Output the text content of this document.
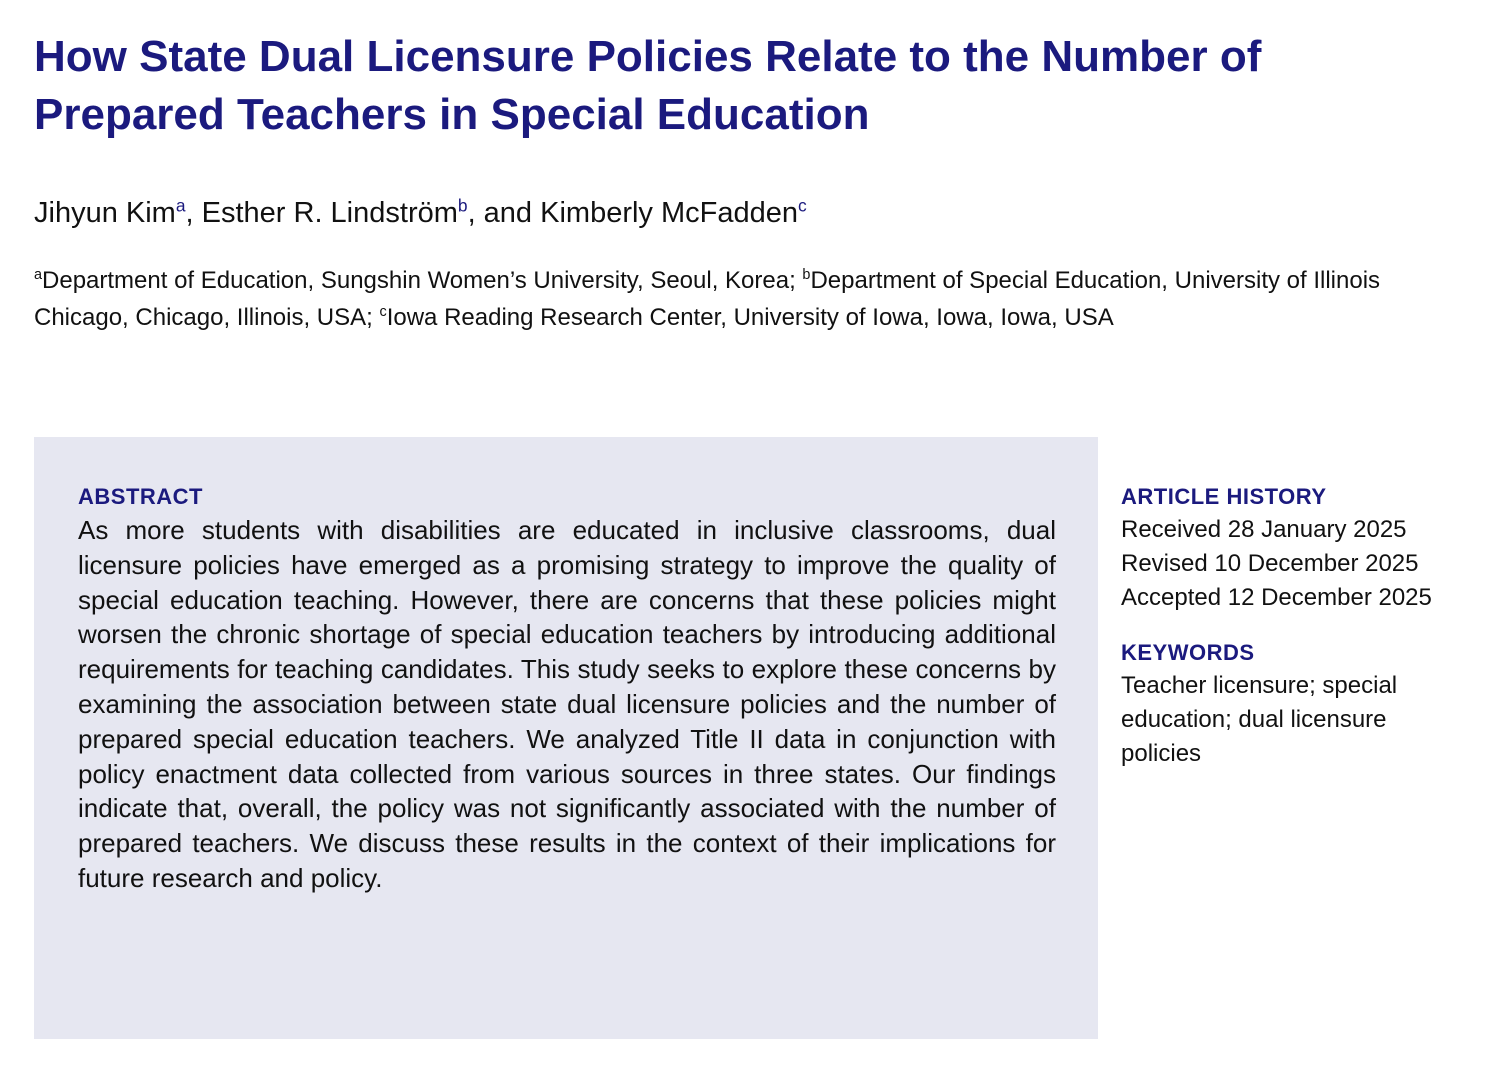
How State Dual Licensure Policies Relate to the Number of Prepared Teachers in Special Education
Jihyun Kim$^a$, Esther R. Lindström$^b$, and Kimberly McFadden$^c$
$^a$Department of Education, Sungshin Women’s University, Seoul, Korea; $^b$Department of Special Education, University of Illinois Chicago, Chicago, Illinois, USA; $^c$Iowa Reading Research Center, University of Iowa, Iowa, Iowa, USA
ABSTRACT

As more students with disabilities are educated in inclusive classrooms, dual licensure policies have emerged as a promising strategy to improve the quality of special education teaching. However, there are concerns that these policies might worsen the chronic shortage of special education teachers by introducing additional requirements for teaching candidates. This study seeks to explore these concerns by examining the association between state dual licensure policies and the number of prepared special education teachers. We analyzed Title II data in conjunction with policy enactment data collected from various sources in three states. Our findings indicate that, overall, the policy was not significantly associated with the number of prepared teachers. We discuss these results in the context of their implications for future research and policy.

ARTICLE HISTORY

Received 28 January 2025

Revised 10 December 2025

Accepted 12 December 2025

KEYWORDS

Teacher licensure; special education; dual licensure policies
